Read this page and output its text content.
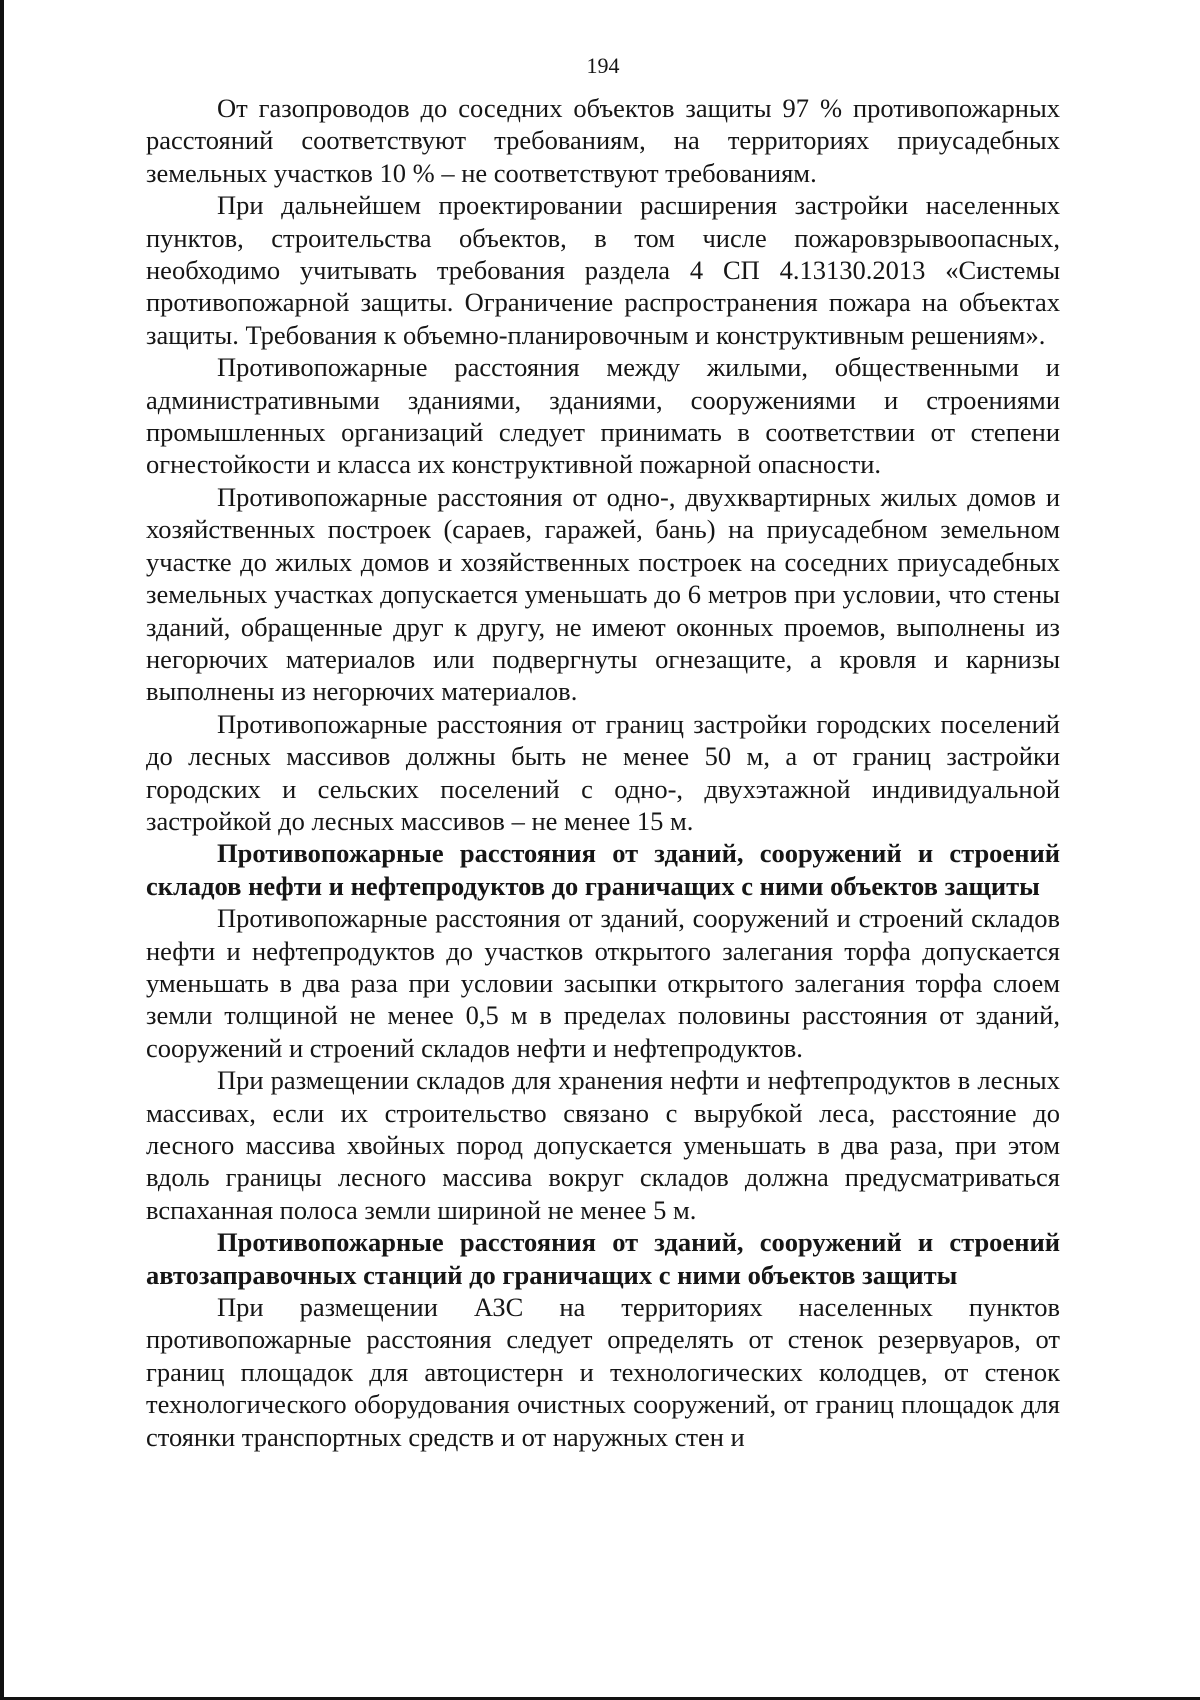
194

От газопроводов до соседних объектов защиты 97 % противопожарных расстояний соответствуют требованиям, на территориях приусадебных земельных участков 10 % – не соответствуют требованиям.

При дальнейшем проектировании расширения застройки населенных пунктов, строительства объектов, в том числе пожаровзрывоопасных, необходимо учитывать требования раздела 4 СП 4.13130.2013 «Системы противопожарной защиты. Ограничение распространения пожара на объектах защиты. Требования к объемно-планировочным и конструктивным решениям».

Противопожарные расстояния между жилыми, общественными и административными зданиями, зданиями, сооружениями и строениями промышленных организаций следует принимать в соответствии от степени огнестойкости и класса их конструктивной пожарной опасности.

Противопожарные расстояния от одно-, двухквартирных жилых домов и хозяйственных построек (сараев, гаражей, бань) на приусадебном земельном участке до жилых домов и хозяйственных построек на соседних приусадебных земельных участках допускается уменьшать до 6 метров при условии, что стены зданий, обращенные друг к другу, не имеют оконных проемов, выполнены из негорючих материалов или подвергнуты огнезащите, а кровля и карнизы выполнены из негорючих материалов.

Противопожарные расстояния от границ застройки городских поселений до лесных массивов должны быть не менее 50 м, а от границ застройки городских и сельских поселений с одно-, двухэтажной индивидуальной застройкой до лесных массивов – не менее 15 м.

Противопожарные расстояния от зданий, сооружений и строений складов нефти и нефтепродуктов до граничащих с ними объектов защиты

Противопожарные расстояния от зданий, сооружений и строений складов нефти и нефтепродуктов до участков открытого залегания торфа допускается уменьшать в два раза при условии засыпки открытого залегания торфа слоем земли толщиной не менее 0,5 м в пределах половины расстояния от зданий, сооружений и строений складов нефти и нефтепродуктов.

При размещении складов для хранения нефти и нефтепродуктов в лесных массивах, если их строительство связано с вырубкой леса, расстояние до лесного массива хвойных пород допускается уменьшать в два раза, при этом вдоль границы лесного массива вокруг складов должна предусматриваться вспаханная полоса земли шириной не менее 5 м.

Противопожарные расстояния от зданий, сооружений и строений автозаправочных станций до граничащих с ними объектов защиты

При размещении АЗС на территориях населенных пунктов противопожарные расстояния следует определять от стенок резервуаров, от границ площадок для автоцистерн и технологических колодцев, от стенок технологического оборудования очистных сооружений, от границ площадок для стоянки транспортных средств и от наружных стен и
